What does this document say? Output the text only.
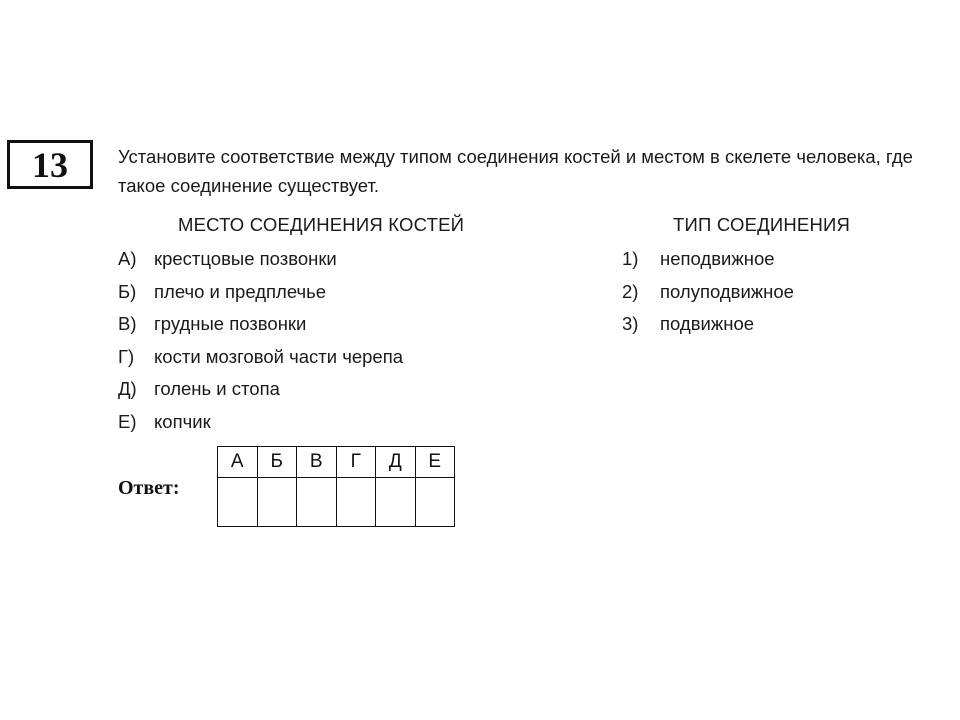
13	Установите соответствие между типом соединения костей и местом в скелете человека, где такое соединение существует.
МЕСТО СОЕДИНЕНИЯ КОСТЕЙ	ТИП СОЕДИНЕНИЯ
А) крестцовые позвонки
Б) плечо и предплечье
В) грудные позвонки
Г) кости мозговой части черепа
Д) голень и стопа
Е) копчик
1) неподвижное
2) полуподвижное
3) подвижное
Ответ:
А	Б	В	Г	Д	Е
